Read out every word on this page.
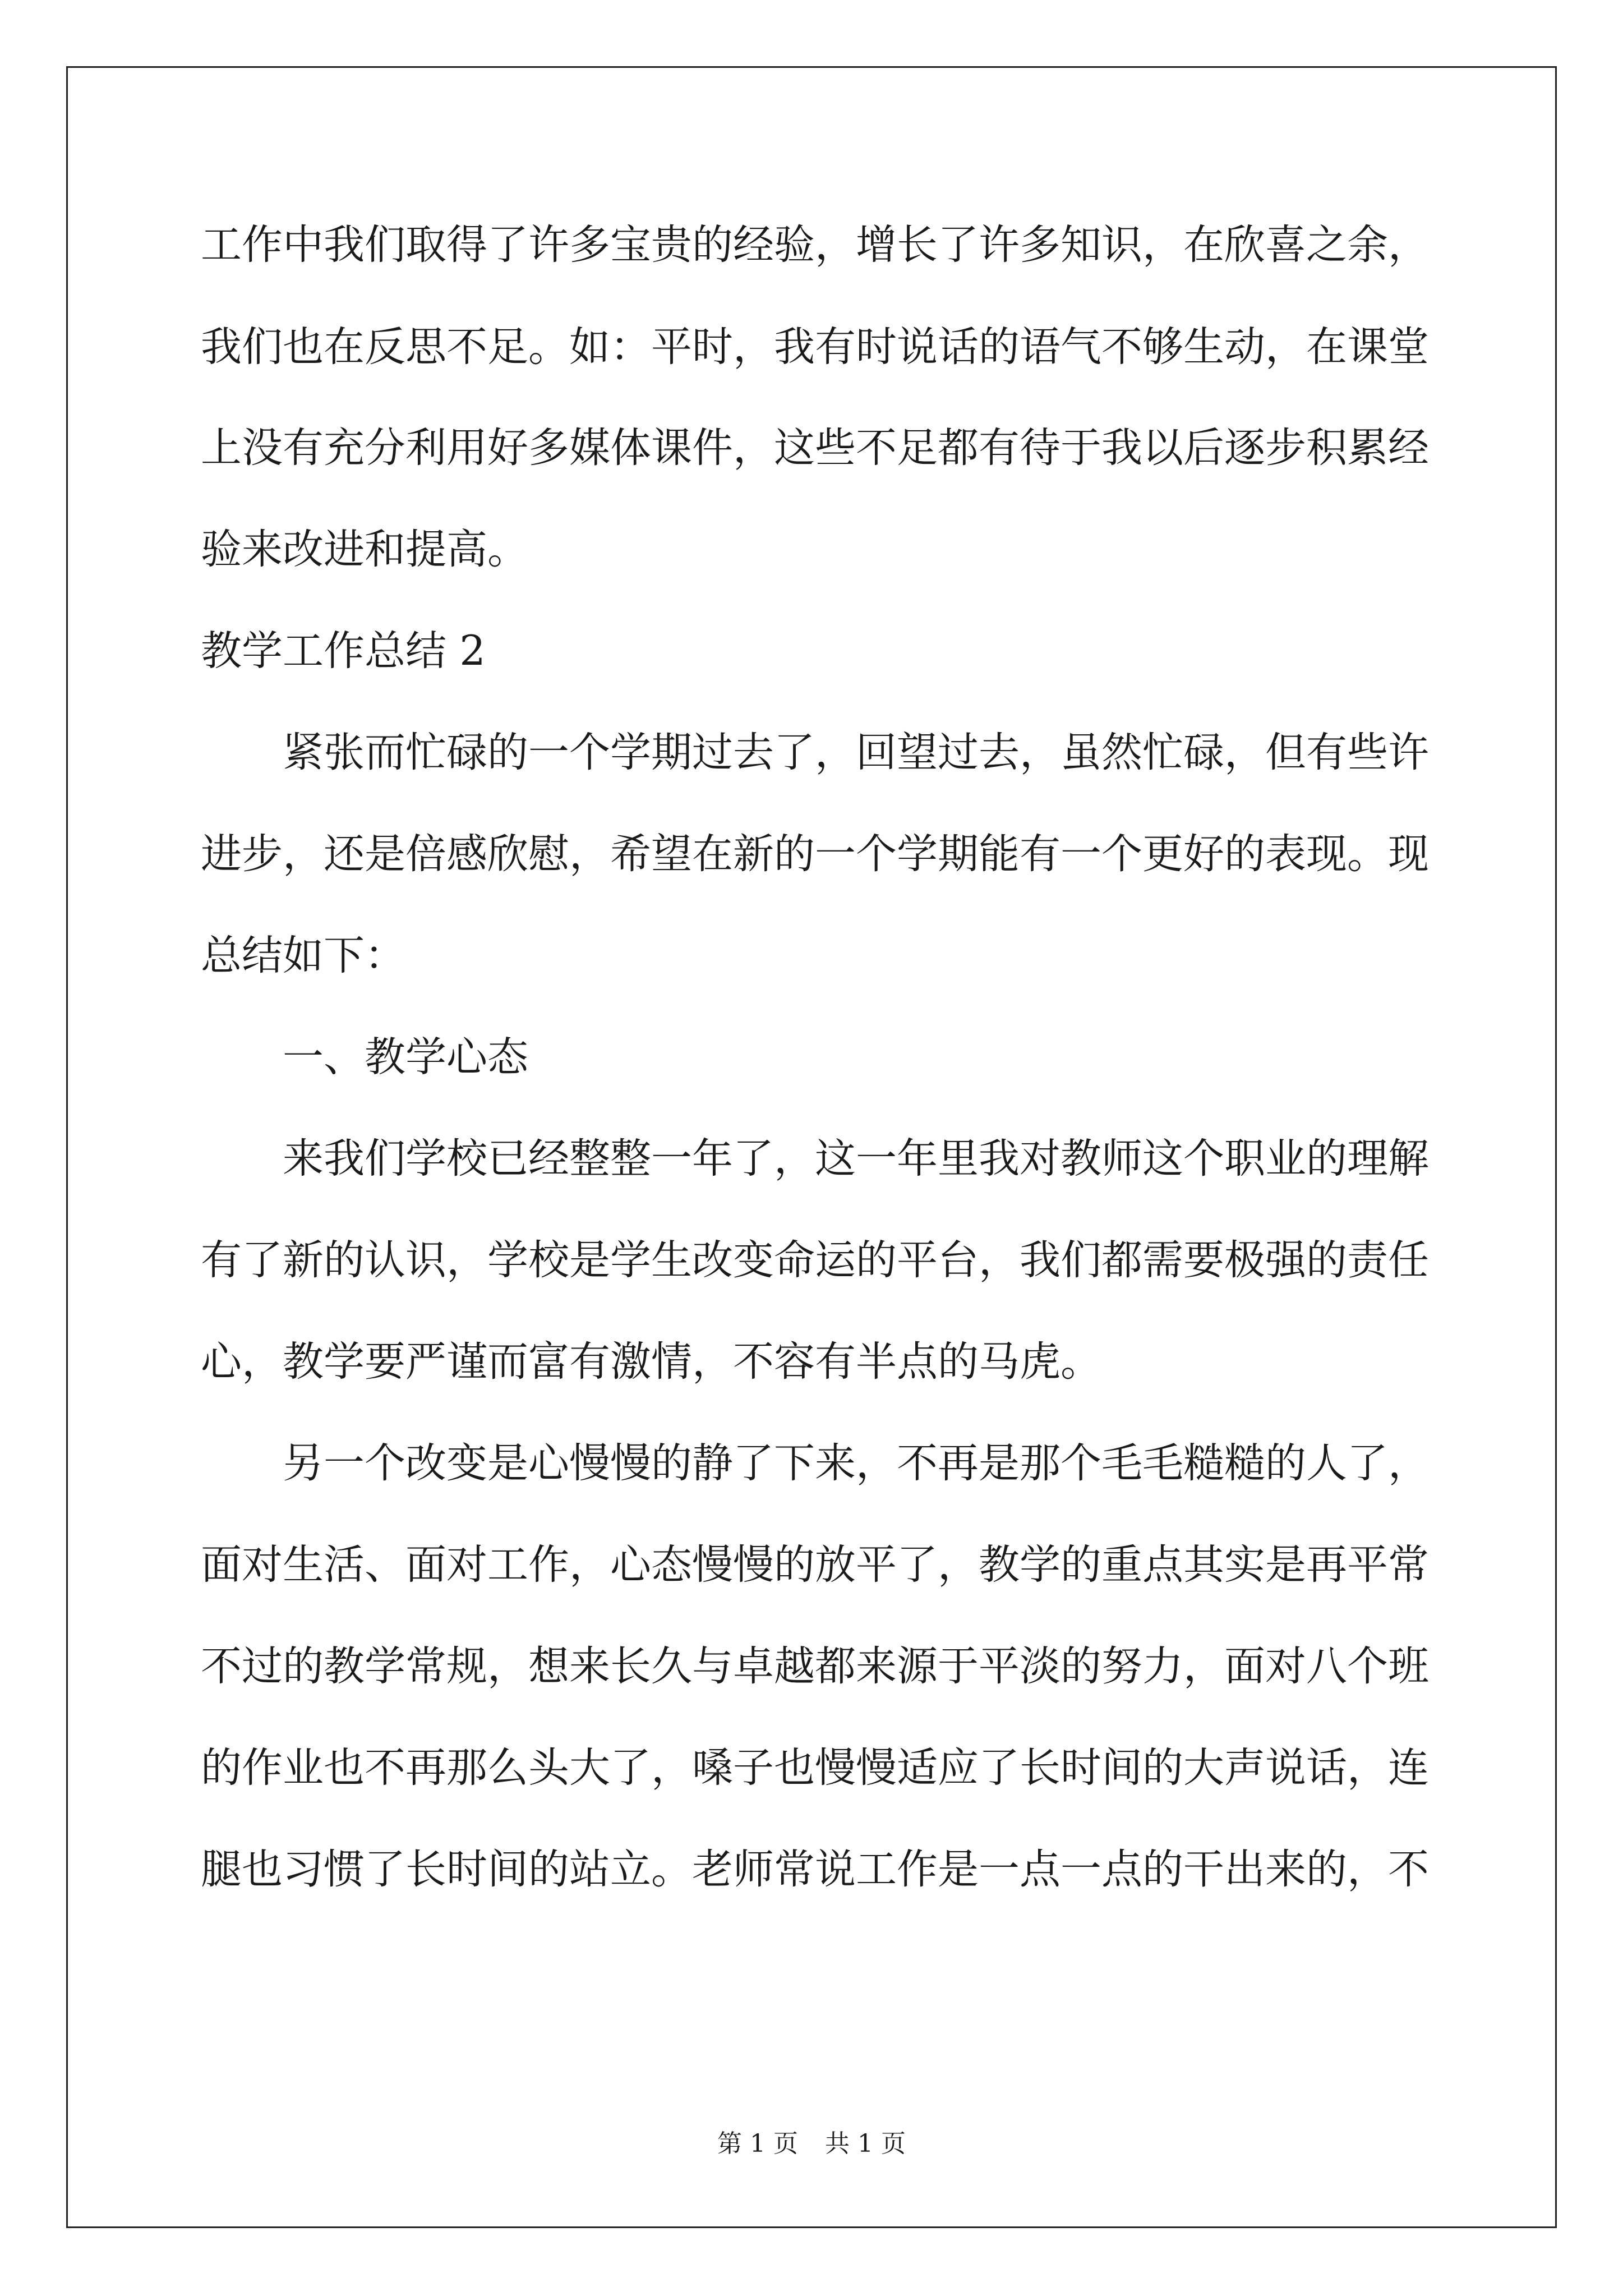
工作中我们取得了许多宝贵的经验，增长了许多知识，在欣喜之余，
我们也在反思不足。如：平时，我有时说话的语气不够生动，在课堂
上没有充分利用好多媒体课件，这些不足都有待于我以后逐步积累经
验来改进和提高。
教学工作总结 2
紧张而忙碌的一个学期过去了，回望过去，虽然忙碌，但有些许
进步，还是倍感欣慰，希望在新的一个学期能有一个更好的表现。现
总结如下：
一、教学心态
来我们学校已经整整一年了，这一年里我对教师这个职业的理解
有了新的认识，学校是学生改变命运的平台，我们都需要极强的责任
心，教学要严谨而富有激情，不容有半点的马虎。
另一个改变是心慢慢的静了下来，不再是那个毛毛糙糙的人了，
面对生活、面对工作，心态慢慢的放平了，教学的重点其实是再平常
不过的教学常规，想来长久与卓越都来源于平淡的努力，面对八个班
的作业也不再那么头大了，嗓子也慢慢适应了长时间的大声说话，连
腿也习惯了长时间的站立。老师常说工作是一点一点的干出来的，不
第 1 页 共 1 页
